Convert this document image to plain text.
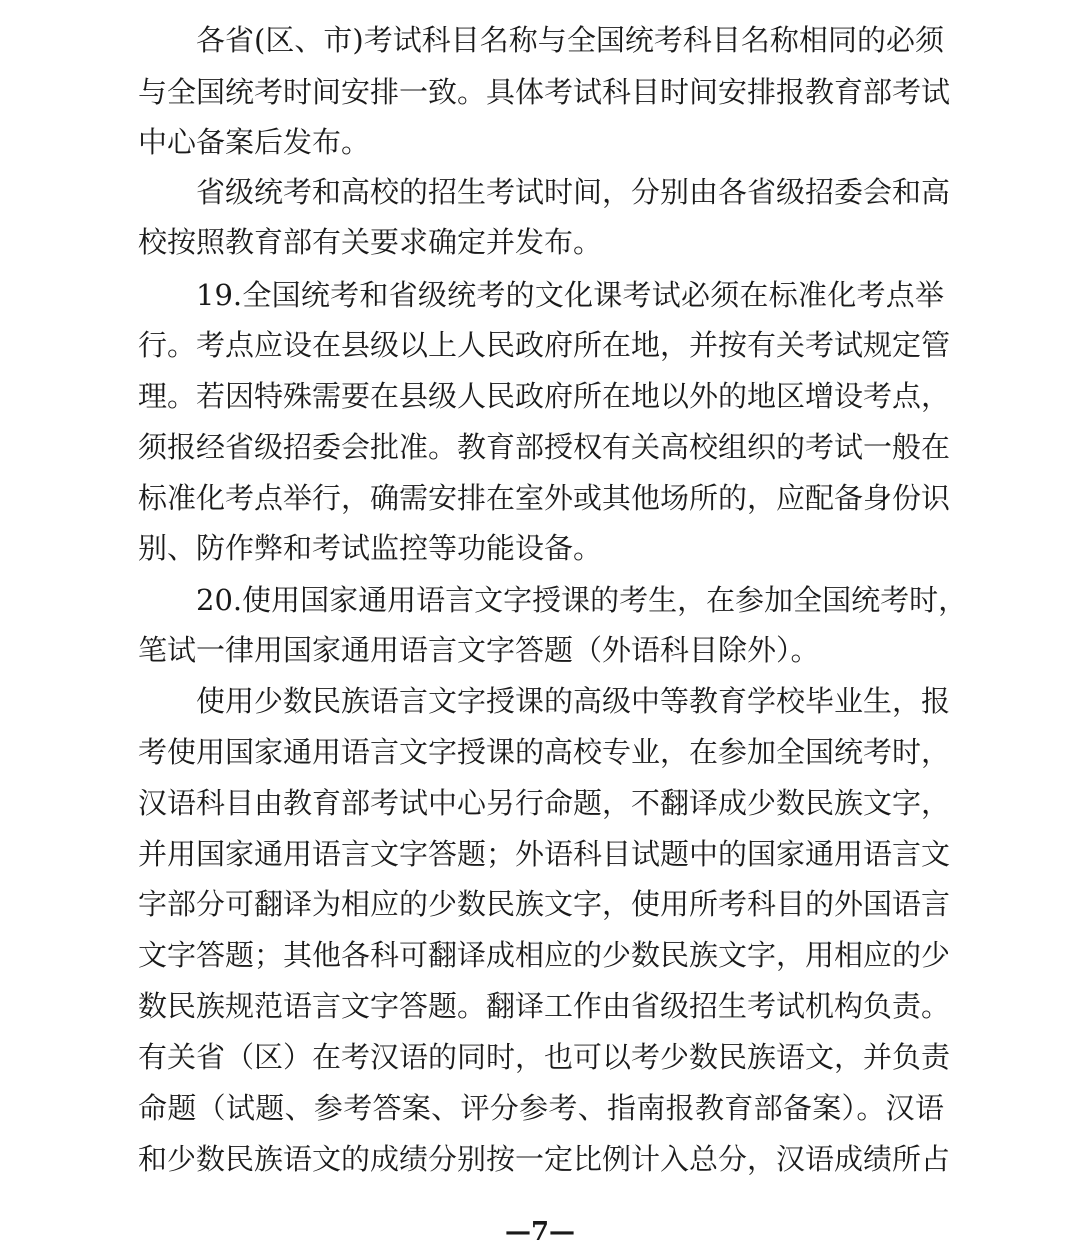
各省(区、市)考试科目名称与全国统考科目名称相同的必须
与全国统考时间安排一致。具体考试科目时间安排报教育部考试
中心备案后发布。
省级统考和高校的招生考试时间，分别由各省级招委会和高
校按照教育部有关要求确定并发布。
19.全国统考和省级统考的文化课考试必须在标准化考点举
行。考点应设在县级以上人民政府所在地，并按有关考试规定管
理。若因特殊需要在县级人民政府所在地以外的地区增设考点，
须报经省级招委会批准。教育部授权有关高校组织的考试一般在
标准化考点举行，确需安排在室外或其他场所的，应配备身份识
别、防作弊和考试监控等功能设备。
20.使用国家通用语言文字授课的考生，在参加全国统考时，
笔试一律用国家通用语言文字答题（外语科目除外）。
使用少数民族语言文字授课的高级中等教育学校毕业生，报
考使用国家通用语言文字授课的高校专业，在参加全国统考时，
汉语科目由教育部考试中心另行命题，不翻译成少数民族文字，
并用国家通用语言文字答题；外语科目试题中的国家通用语言文
字部分可翻译为相应的少数民族文字，使用所考科目的外国语言
文字答题；其他各科可翻译成相应的少数民族文字，用相应的少
数民族规范语言文字答题。翻译工作由省级招生考试机构负责。
有关省（区）在考汉语的同时，也可以考少数民族语文，并负责
命题（试题、参考答案、评分参考、指南报教育部备案）。汉语
和少数民族语文的成绩分别按一定比例计入总分，汉语成绩所占
—7—
